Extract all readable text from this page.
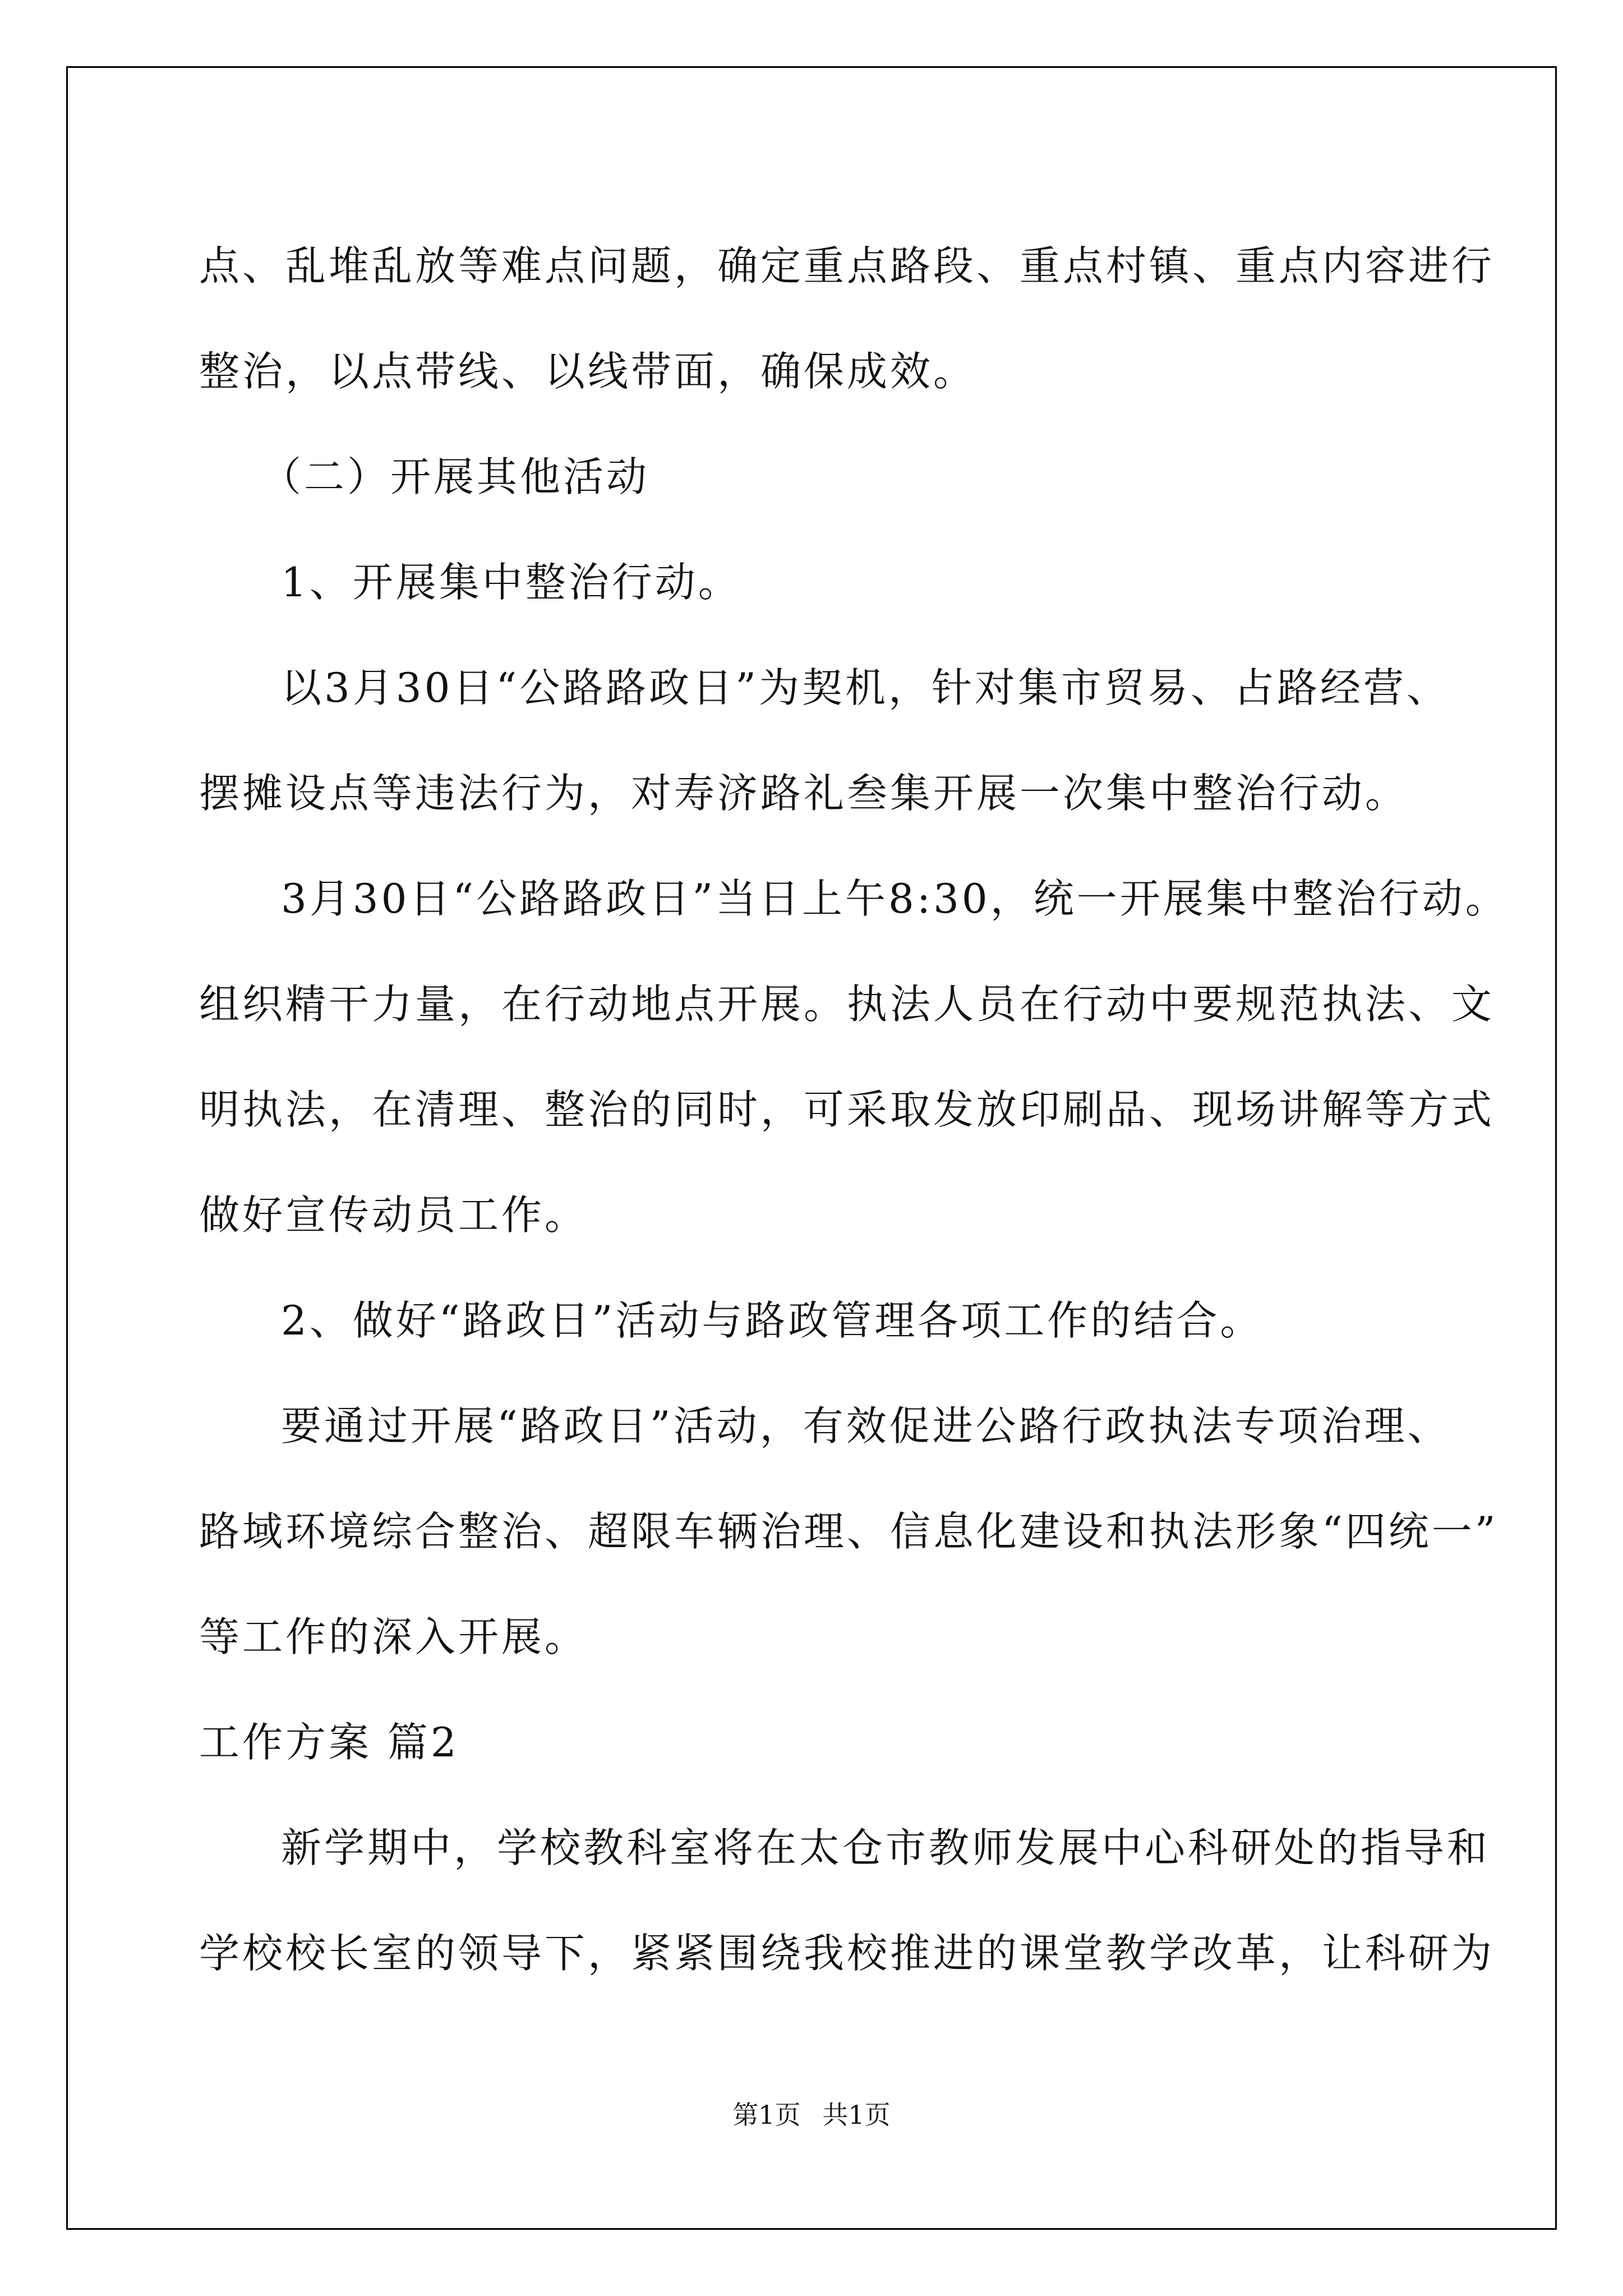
点、乱堆乱放等难点问题，确定重点路段、重点村镇、重点内容进行
整治，以点带线、以线带面，确保成效。
（二）开展其他活动
1、开展集中整治行动。
以3月30日“公路路政日”为契机，针对集市贸易、占路经营、
摆摊设点等违法行为，对寿济路礼叁集开展一次集中整治行动。
3月30日“公路路政日”当日上午8:30，统一开展集中整治行动。
组织精干力量，在行动地点开展。执法人员在行动中要规范执法、文
明执法，在清理、整治的同时，可采取发放印刷品、现场讲解等方式
做好宣传动员工作。
2、做好“路政日”活动与路政管理各项工作的结合。
要通过开展“路政日”活动，有效促进公路行政执法专项治理、
路域环境综合整治、超限车辆治理、信息化建设和执法形象“四统一”
等工作的深入开展。
工作方案 篇2
新学期中，学校教科室将在太仓市教师发展中心科研处的指导和
学校校长室的领导下，紧紧围绕我校推进的课堂教学改革，让科研为
第1页 共1页
